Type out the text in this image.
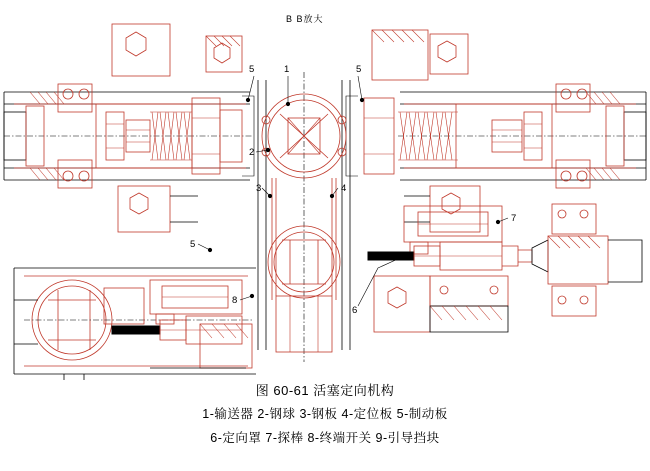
B B放大
1
5	5
2
3	4
7
6
8
5
图 60-61 活塞定向机构
1-输送器 2-钢球 3-钢板 4-定位板 5-制动板
6-定向罩 7-探棒 8-终端开关 9-引导挡块
